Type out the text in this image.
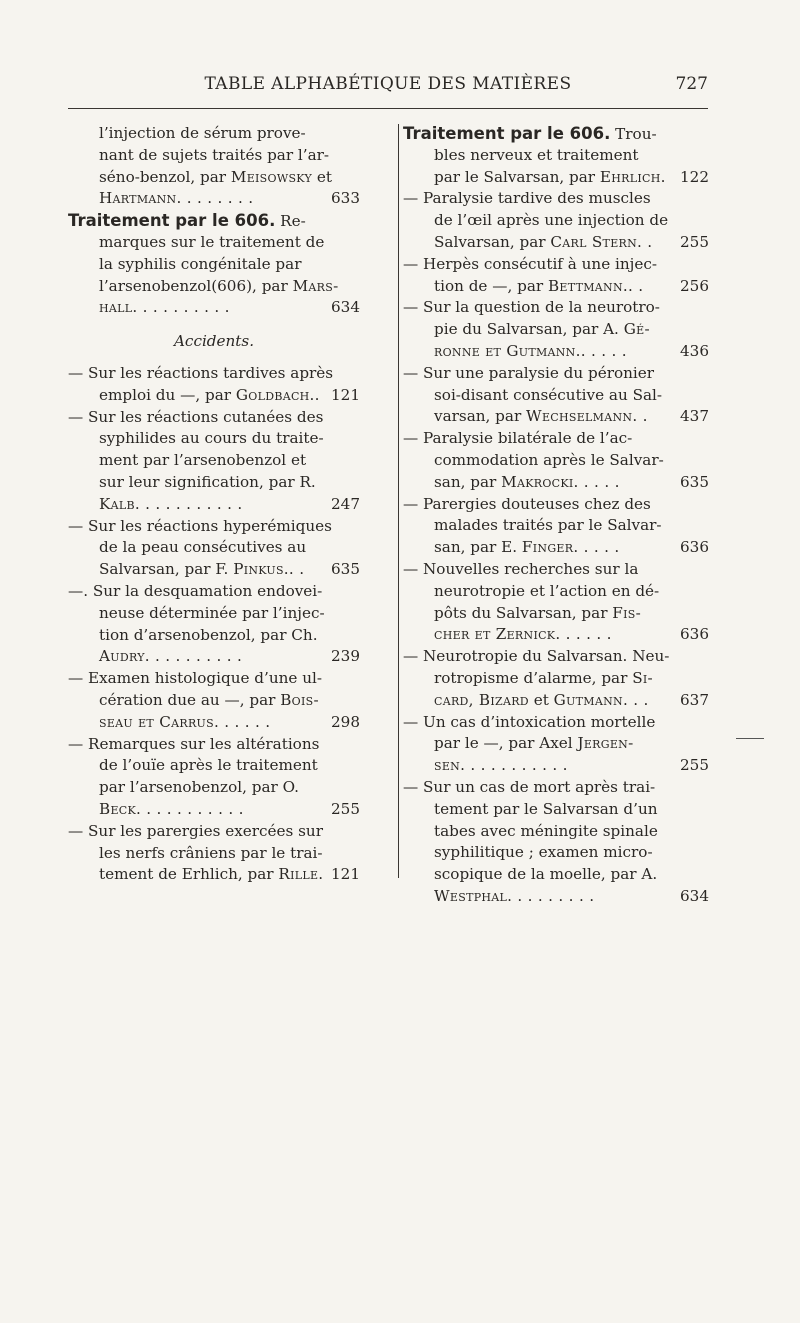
TABLE ALPHABÉTIQUE DES MATIÈRES	727
l’injection de sérum prove-
nant de sujets traités par l’ar-
séno-benzol, par Meisowsky et
Hartmann. . . . . . . .	633
Traitement par le 606. Re-
marques sur le traitement de
la syphilis congénitale par
l’arsenobenzol(606), par Mars-
hall. . . . . . . . . .	634
Accidents.
— Sur les réactions tardives après
emploi du —, par Goldbach.. 121
— Sur les réactions cutanées des
syphilides au cours du traite-
ment par l’arsenobenzol et
sur leur signification, par R.
Kalb. . . . . . . . . . .	247
— Sur les réactions hyperémiques
de la peau consécutives au
Salvarsan, par F. Pinkus.. . 635
—. Sur la desquamation endovei-
neuse déterminée par l’injec-
tion d’arsenobenzol, par Ch.
Audry. . . . . . . . . .	239
— Examen histologique d’une ul-
cération due au —, par Bois-
seau et Carrus. . . . . .	298
— Remarques sur les altérations
de l’ouïe après le traitement
par l’arsenobenzol, par O.
Beck. . . . . . . . . . .	255
— Sur les parergies exercées sur
les nerfs crâniens par le trai-
tement de Erhlich, par Rille. 121
Traitement par le 606. Trou-
bles nerveux et traitement
par le Salvarsan, par Ehrlich. 122
— Paralysie tardive des muscles
de l’œil après une injection de
Salvarsan, par Carl Stern. . 255
— Herpès consécutif à une injec-
tion de —, par Bettmann.. . 256
— Sur la question de la neurotro-
pie du Salvarsan, par A. Gé-
ronne et Gutmann.. . . . .	436
— Sur une paralysie du péronier
soi-disant consécutive au Sal-
varsan, par Wechselmann. . 437
— Paralysie bilatérale de l’ac-
commodation après le Salvar-
san, par Makrocki. . . . .	635
— Parergies douteuses chez des
malades traités par le Salvar-
san, par E. Finger. . . . .	636
— Nouvelles recherches sur la
neurotropie et l’action en dé-
pôts du Salvarsan, par Fis-
cher et Zernick. . . . . .	636
— Neurotropie du Salvarsan. Neu-
rotropisme d’alarme, par Si-
card, Bizard et Gutmann. . . 637
— Un cas d’intoxication mortelle
par le —, par Axel Jergen-
sen. . . . . . . . . . .	255
— Sur un cas de mort après trai-
tement par le Salvarsan d’un
tabes avec méningite spinale
syphilitique ; examen micro-
scopique de la moelle, par A.
Westphal. . . . . . . . .	634
